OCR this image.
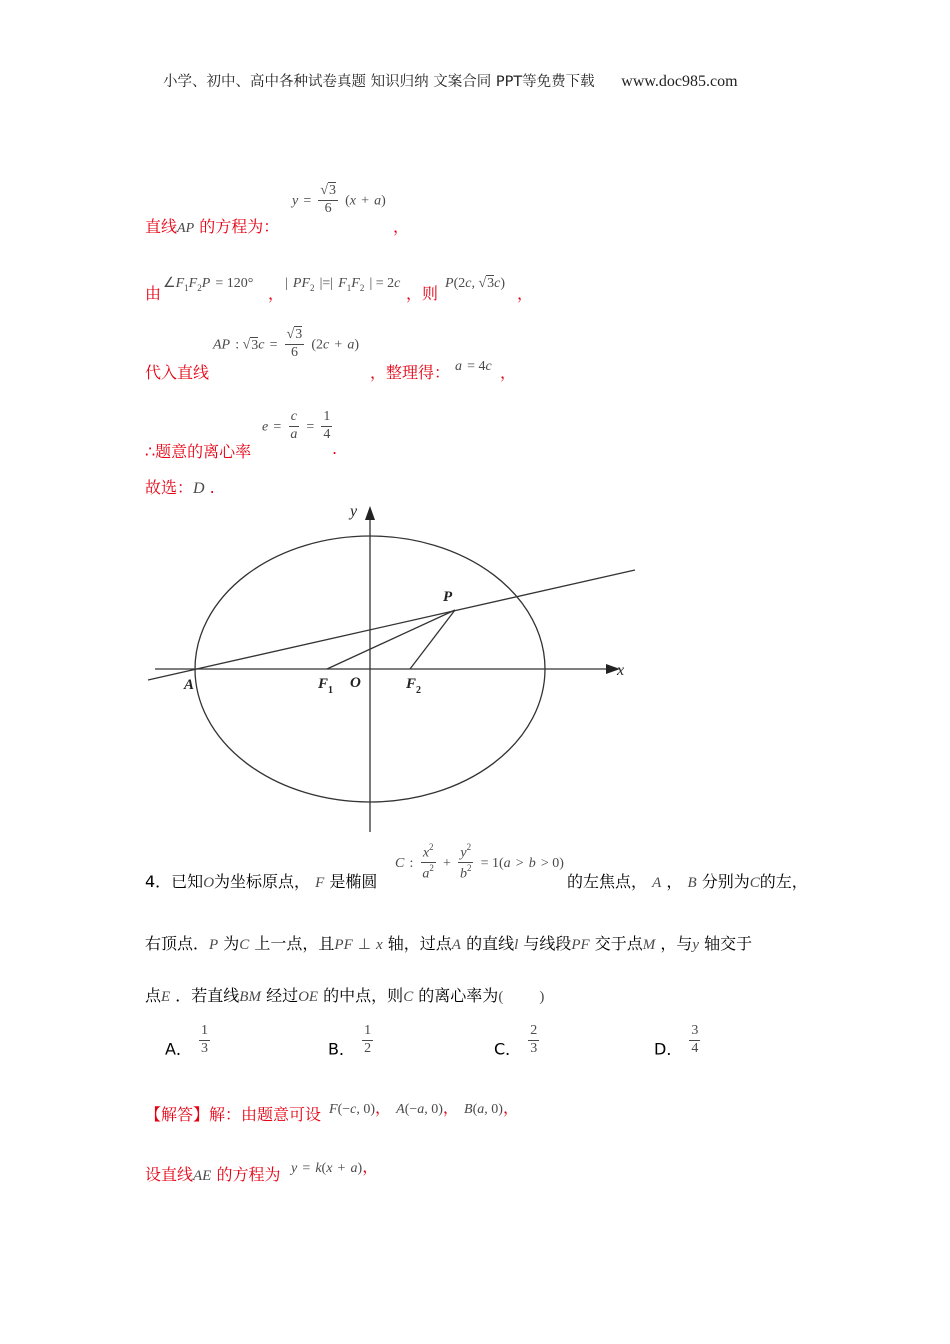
小学、初中、高中各种试卷真题 知识归纳 文案合同 PPT等免费下载 www.doc985.com
直线AP 的方程为：
$y = \frac{√3}{6} (x + a)$
，
由
$\angle F_1F_2P = 120^\circ$
，
| $PF_2$ |=| $F_1F_2$ | = 2c
，则
P(2c, √3c)
，
代入直线
AP : $√3c = \frac{√3}{6} (2c + a)$
，整理得： a = 4c ，
∴题意的离心率
$e = \frac{c}{a} = \frac{1}{4}$
.
故选：D .
y
x
P
A	$F_1$ O	$F_2$
4．已知O为坐标原点， F 是椭圆
C : $\frac{x^2}{a^2} + \frac{y^2}{b^2} = 1(a > b > 0)$
的左焦点， A ， B 分别为C的左，
右顶点．P 为C 上一点，且PF ⊥ x 轴，过点A 的直线l 与线段PF 交于点M ，与y 轴交于
点E ．若直线BM 经过OE 的中点，则C 的离心率为( )
A． $\frac{1}{3}$	B． $\frac{1}{2}$	C． $\frac{2}{3}$	D． $\frac{3}{4}$
【解答】解：由题意可设 F(−c, 0)， A(−a, 0)， B(a, 0)，
设直线AE 的方程为 y = k(x + a)，
